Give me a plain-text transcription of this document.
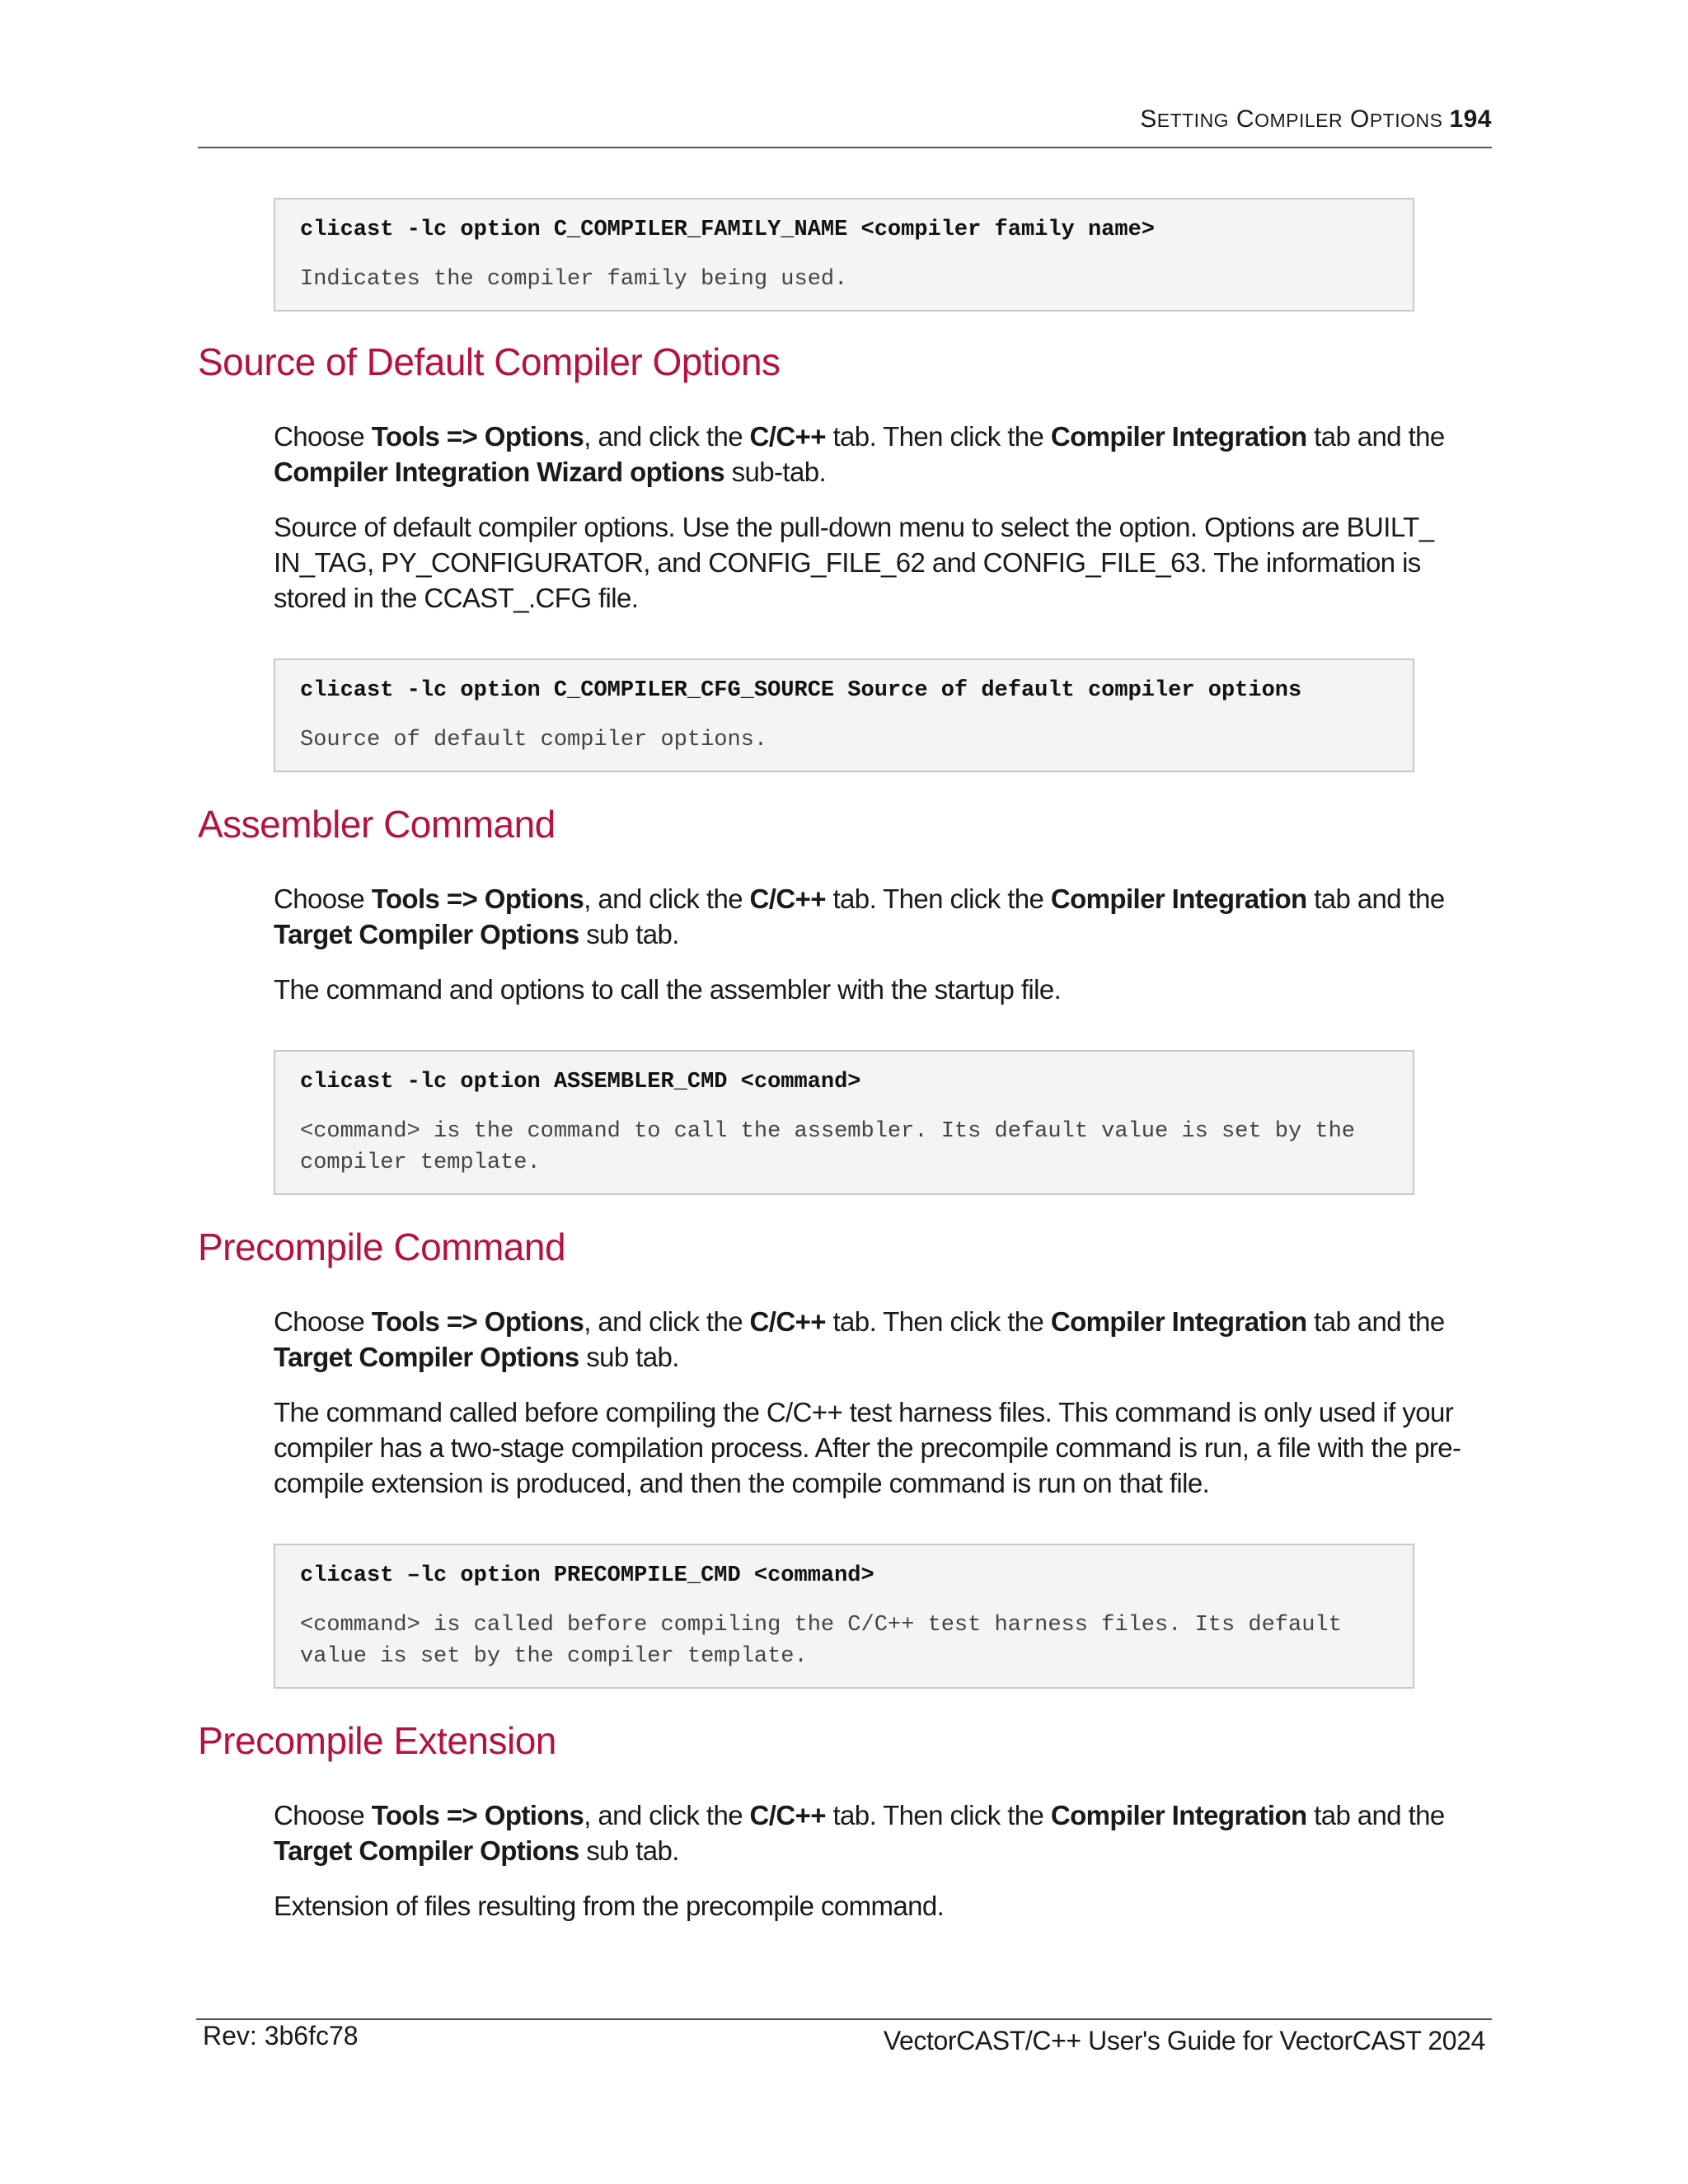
SETTING COMPILER OPTIONS 194
clicast -lc option C_COMPILER_FAMILY_NAME <compiler family name>
Indicates the compiler family being used.
Source of Default Compiler Options

Choose Tools => Options, and click the C/C++ tab. Then click the Compiler Integration tab and the Compiler Integration Wizard options sub-tab.

Source of default compiler options. Use the pull-down menu to select the option. Options are BUILT_ IN_TAG, PY_CONFIGURATOR, and CONFIG_FILE_62 and CONFIG_FILE_63. The information is stored in the CCAST_.CFG file.

clicast -lc option C_COMPILER_CFG_SOURCE Source of default compiler options
Source of default compiler options.
Assembler Command

Choose Tools => Options, and click the C/C++ tab. Then click the Compiler Integration tab and the Target Compiler Options sub tab.

The command and options to call the assembler with the startup file.

clicast -lc option ASSEMBLER_CMD <command>
<command> is the command to call the assembler. Its default value is set by the compiler template.
Precompile Command

Choose Tools => Options, and click the C/C++ tab. Then click the Compiler Integration tab and the Target Compiler Options sub tab.

The command called before compiling the C/C++ test harness files. This command is only used if your compiler has a two-stage compilation process. After the precompile command is run, a file with the pre-compile extension is produced, and then the compile command is run on that file.

clicast –lc option PRECOMPILE_CMD <command>
<command> is called before compiling the C/C++ test harness files. Its default value is set by the compiler template.
Precompile Extension

Choose Tools => Options, and click the C/C++ tab. Then click the Compiler Integration tab and the Target Compiler Options sub tab.

Extension of files resulting from the precompile command.

Rev: 3b6fc78	VectorCAST/C++ User's Guide for VectorCAST 2024
